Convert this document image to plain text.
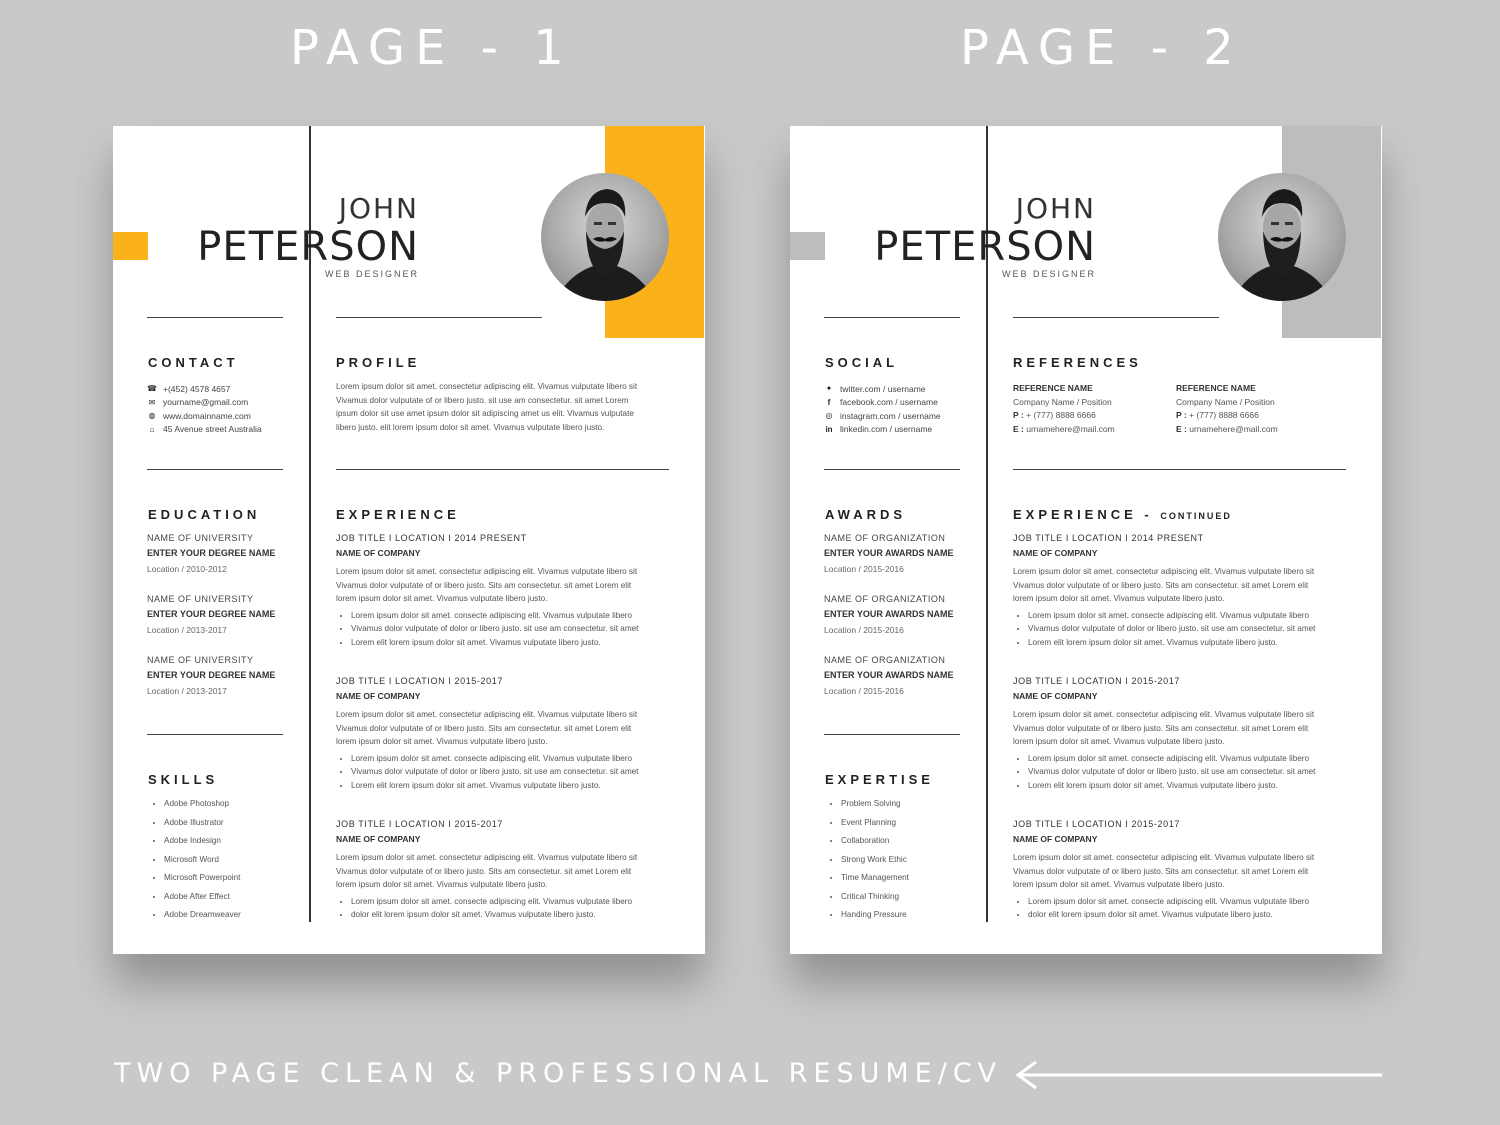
PAGE - 1	PAGE - 2
JOHN
PETERSON
WEB DESIGNER
CONTACT
☎ +(452) 4578 4657
✉ yourname@gmail.com
◍ www.domainname.com
⌂	45 Avenue street Australia
PROFILE
Lorem ipsum dolor sit amet. consectetur adipiscing elit. Vivamus vulputate libero sit
Vivamus dolor vulputate of or libero justo. sit use am consectetur. sit amet Lorem
ipsum dolor sit use amet ipsum dolor sit adipiscing amet us elit. Vivamus vulputate
libero justo. elit lorem ipsum dolor sit amet. Vivamus vulputate libero justo.
EDUCATION
NAME OF UNIVERSITY
ENTER YOUR DEGREE NAME
Location / 2010-2012
NAME OF UNIVERSITY
ENTER YOUR DEGREE NAME
Location / 2013-2017
NAME OF UNIVERSITY
ENTER YOUR DEGREE NAME
Location / 2013-2017
SKILLS
• Adobe Photoshop
• Adobe Illustrator
• Adobe Indesign
• Microsoft Word
• Microsoft Powerpoint
• Adobe After Effect
• Adobe Dreamweaver
EXPERIENCE
JOB TITLE I LOCATION I 2014 PRESENT
NAME OF COMPANY

Lorem ipsum dolor sit amet. consectetur adipiscing elit. Vivamus vulputate libero sit
Vivamus dolor vulputate of or libero justo. Sits am consectetur. sit amet Lorem elit
lorem ipsum dolor sit amet. Vivamus vulputate libero justo.

• Lorem ipsum dolor sit amet. consecte adipiscing elit. Vivamus vulputate libero
• Vivamus dolor vulputate of dolor or libero justo. sit use am consectetur. sit amet
• Lorem elit lorem ipsum dolor sit amet. Vivamus vulputate libero justo.
JOB TITLE I LOCATION I 2015-2017
NAME OF COMPANY

Lorem ipsum dolor sit amet. consectetur adipiscing elit. Vivamus vulputate libero sit
Vivamus dolor vulputate of or libero justo. Sits am consectetur. sit amet Lorem elit
lorem ipsum dolor sit amet. Vivamus vulputate libero justo.

• Lorem ipsum dolor sit amet. consecte adipiscing elit. Vivamus vulputate libero
• Vivamus dolor vulputate of dolor or libero justo. sit use am consectetur. sit amet
• Lorem elit lorem ipsum dolor sit amet. Vivamus vulputate libero justo.
JOB TITLE I LOCATION I 2015-2017
NAME OF COMPANY

Lorem ipsum dolor sit amet. consectetur adipiscing elit. Vivamus vulputate libero sit
Vivamus dolor vulputate of or libero justo. Sits am consectetur. sit amet Lorem elit
lorem ipsum dolor sit amet. Vivamus vulputate libero justo.

• Lorem ipsum dolor sit amet. consecte adipiscing elit. Vivamus vulputate libero
• dolor elit lorem ipsum dolor sit amet. Vivamus vulputate libero justo.
JOHN
PETERSON
WEB DESIGNER
SOCIAL
✦ twitter.com / username
f	facebook.com / username
◎ instagram.com / username
in linkedin.com / username
REFERENCES
REFERENCE NAME
Company Name / Position
P : + (777) 8888 6666
E : urnamehere@mail.com
REFERENCE NAME
Company Name / Position
P : + (777) 8888 6666
E : urnamehere@mail.com
AWARDS
NAME OF ORGANIZATION
ENTER YOUR AWARDS NAME
Location / 2015-2016
NAME OF ORGANIZATION
ENTER YOUR AWARDS NAME
Location / 2015-2016
NAME OF ORGANIZATION
ENTER YOUR AWARDS NAME
Location / 2015-2016
EXPERTISE
• Problem Solving
• Event Planning
• Collaboration
• Strong Work Ethic
• Time Management
• Critical Thinking
• Handing Pressure
EXPERIENCE - CONTINUED
JOB TITLE I LOCATION I 2014 PRESENT
NAME OF COMPANY

Lorem ipsum dolor sit amet. consectetur adipiscing elit. Vivamus vulputate libero sit
Vivamus dolor vulputate of or libero justo. Sits am consectetur. sit amet Lorem elit
lorem ipsum dolor sit amet. Vivamus vulputate libero justo.

• Lorem ipsum dolor sit amet. consecte adipiscing elit. Vivamus vulputate libero
• Vivamus dolor vulputate of dolor or libero justo. sit use am consectetur. sit amet
• Lorem elit lorem ipsum dolor sit amet. Vivamus vulputate libero justo.
JOB TITLE I LOCATION I 2015-2017
NAME OF COMPANY

Lorem ipsum dolor sit amet. consectetur adipiscing elit. Vivamus vulputate libero sit
Vivamus dolor vulputate of or libero justo. Sits am consectetur. sit amet Lorem elit
lorem ipsum dolor sit amet. Vivamus vulputate libero justo.

• Lorem ipsum dolor sit amet. consecte adipiscing elit. Vivamus vulputate libero
• Vivamus dolor vulputate of dolor or libero justo. sit use am consectetur. sit amet
• Lorem elit lorem ipsum dolor sit amet. Vivamus vulputate libero justo.
JOB TITLE I LOCATION I 2015-2017
NAME OF COMPANY

Lorem ipsum dolor sit amet. consectetur adipiscing elit. Vivamus vulputate libero sit
Vivamus dolor vulputate of or libero justo. Sits am consectetur. sit amet Lorem elit
lorem ipsum dolor sit amet. Vivamus vulputate libero justo.

• Lorem ipsum dolor sit amet. consecte adipiscing elit. Vivamus vulputate libero
• dolor elit lorem ipsum dolor sit amet. Vivamus vulputate libero justo.
TWO PAGE CLEAN & PROFESSIONAL RESUME/CV
